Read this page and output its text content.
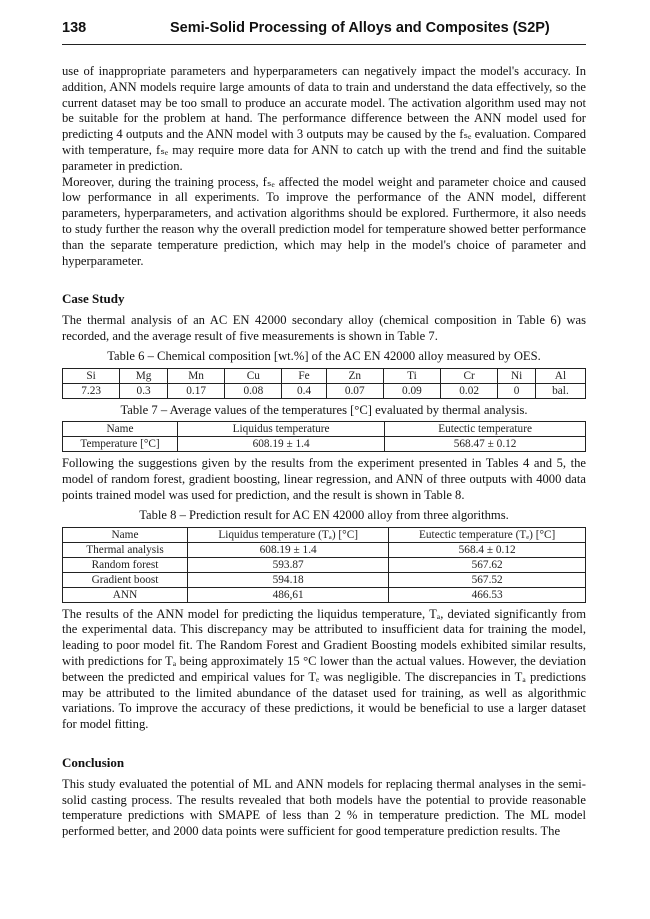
138	Semi-Solid Processing of Alloys and Composites (S2P)

use of inappropriate parameters and hyperparameters can negatively impact the model's accuracy. In addition, ANN models require large amounts of data to train and understand the data effectively, so the current dataset may be too small to produce an accurate model. The activation algorithm used may not be suitable for the problem at hand. The performance difference between the ANN model used for predicting 4 outputs and the ANN model with 3 outputs may be caused by the fₛₑ evaluation. Compared with temperature, fₛₑ may require more data for ANN to catch up with the trend and find the suitable parameter in prediction.

Moreover, during the training process, fₛₑ affected the model weight and parameter choice and caused low performance in all experiments. To improve the performance of the ANN model, different parameters, hyperparameters, and activation algorithms should be explored. Furthermore, it also needs to study further the reason why the overall prediction model for temperature showed better performance than the separate temperature prediction, which may help in the model's choice of parameter and hyperparameter.

Case Study

The thermal analysis of an AC EN 42000 secondary alloy (chemical composition in Table 6) was recorded, and the average result of five measurements is shown in Table 7.

Table 6 – Chemical composition [wt.%] of the AC EN 42000 alloy measured by OES.
Si	Mg	Mn	Cu	Fe	Zn	Ti	Cr	Ni	Al
7.23	0.3	0.17	0.08	0.4	0.07	0.09	0.02	0	bal.
Table 7 – Average values of the temperatures [°C] evaluated by thermal analysis.
Name	Liquidus temperature	Eutectic temperature
Temperature [°C]	608.19 ± 1.4	568.47 ± 0.12

Following the suggestions given by the results from the experiment presented in Tables 4 and 5, the model of random forest, gradient boosting, linear regression, and ANN of three outputs with 4000 data points trained model was used for prediction, and the result is shown in Table 8.

Table 8 – Prediction result for AC EN 42000 alloy from three algorithms.
Name	Liquidus temperature (Tₐ) [°C]	Eutectic temperature (Tₑ) [°C]
Thermal analysis	608.19 ± 1.4	568.4 ± 0.12
Random forest	593.87	567.62
Gradient boost	594.18	567.52
ANN	486,61	466.53

The results of the ANN model for predicting the liquidus temperature, Tₐ, deviated significantly from the experimental data. This discrepancy may be attributed to insufficient data for training the model, leading to poor model fit. The Random Forest and Gradient Boosting models exhibited similar results, with predictions for Tₐ being approximately 15 °C lower than the actual values. However, the deviation between the predicted and empirical values for Tₑ was negligible. The discrepancies in Tₐ predictions may be attributed to the limited abundance of the dataset used for training, as well as algorithmic variations. To improve the accuracy of these predictions, it would be beneficial to use a larger dataset for model fitting.

Conclusion

This study evaluated the potential of ML and ANN models for replacing thermal analyses in the semi-solid casting process. The results revealed that both models have the potential to provide reasonable temperature predictions with SMAPE of less than 2 % in temperature prediction. The ML model performed better, and 2000 data points were sufficient for good temperature prediction results. The
